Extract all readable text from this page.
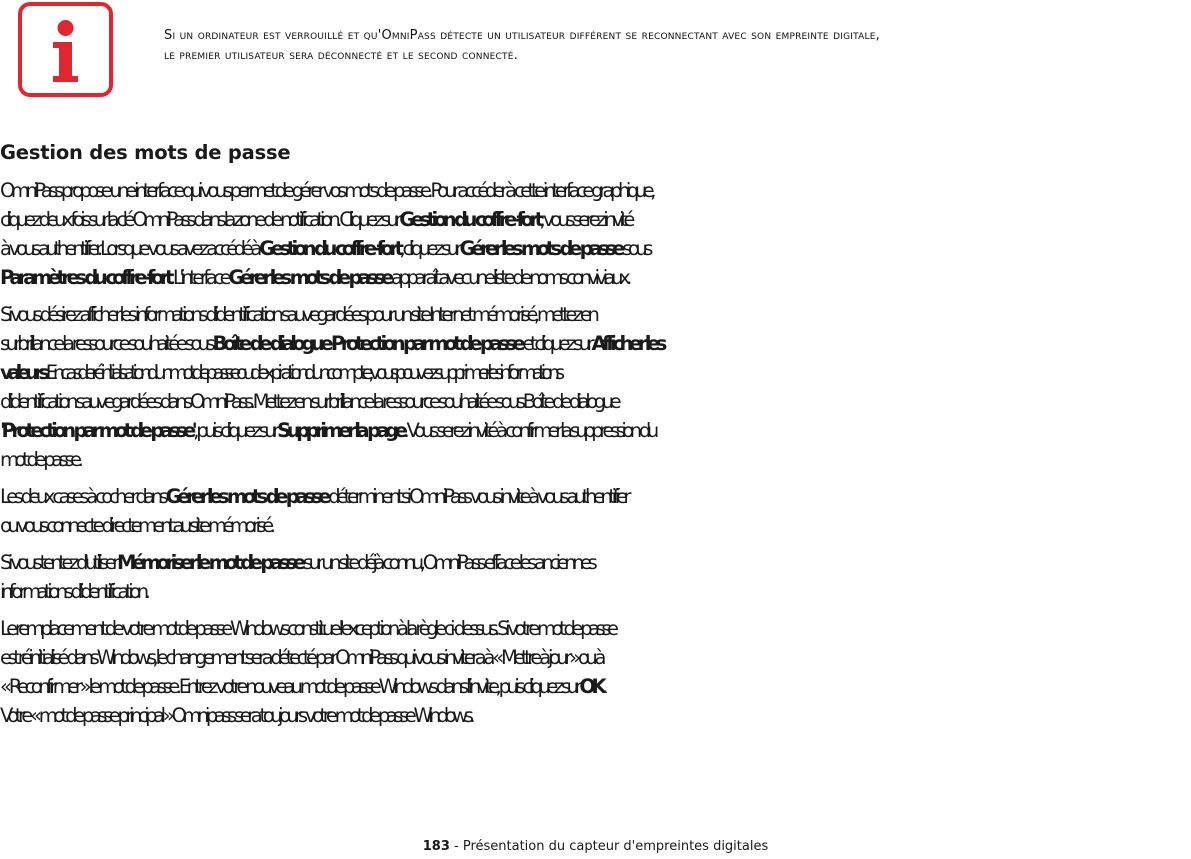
Si un ordinateur est verrouillé et qu'OmniPass détecte un utilisateur différent se reconnectant avec son empreinte digitale,
le premier utilisateur sera déconnecté et le second connecté.
Gestion des mots de passe

OmniPass propose une interface qui vous permet de gérer vos mots de passe. Pour accéder à cette interface graphique,
cliquez deux fois sur la clé OmniPass dans la zone de notification. Cliquez sur Gestion du coffre-fort; vous serez invité
à vous authentifier. Lorsque vous avez accédé à Gestion du coffre-fort, cliquez sur Gérer les mots de passe sous
Paramètres du coffre-fort. L'interface Gérer les mots de passe apparaît avec une liste de noms conviviaux.

Si vous désirez afficher les informations d'identification sauvegardées pour un site Internet mémorisé, mettez en
surbrillance la ressource souhaitée sous Boîte de dialogue Protection par mot de passe et cliquez sur Afficher les
valeurs. En cas de réinitialisation d'un mot de passe ou d'expiration d'un compte, vous pouvez supprimer les informations
d'identification sauvegardées dans OmniPass. Mettez en surbrillance la ressource souhaitée sous Boîte de dialogue
'Protection par mot de passe', puis cliquez sur Supprimer la page. Vous serez invité à confirmer la suppression du
mot de passe.

Les deux cases à cocher dans Gérer les mots de passe déterminent si OmniPass vous invite à vous authentifier
ou vous connecte directement au site mémorisé.

Si vous tentez d'utiliser Mémoriser le mot de passe sur un site déjà connu, OmniPass efface les anciennes
informations d'identification.

Le remplacement de votre mot de passe Windows constitue l'exception à la règle ci-dessus. Si votre mot de passe
est réinitialisé dans Windows, le changement sera détecté par OmniPass qui vous invitera à « Mettre à jour » ou à
« Reconfirmer » le mot de passe. Entrez votre nouveau mot de passe Windows dans l'invite, puis cliquez sur OK.
Votre « mot de passe principal » Omnipass sera toujours votre mot de passe Windows.

183 - Présentation du capteur d'empreintes digitales
